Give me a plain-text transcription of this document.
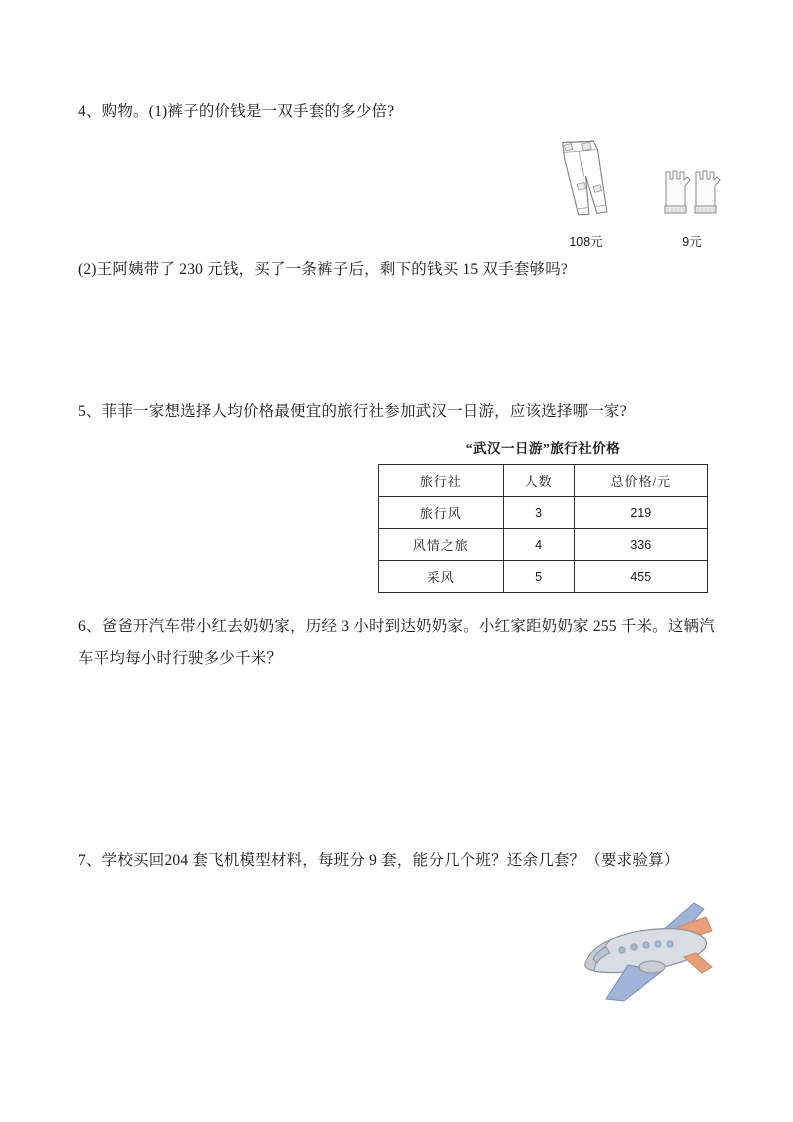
4、购物。(1)裤子的价钱是一双手套的多少倍?
108元	9元
(2)王阿姨带了 230 元钱，买了一条裤子后，剩下的钱买 15 双手套够吗?
5、菲菲一家想选择人均价格最便宜的旅行社参加武汉一日游，应该选择哪一家?
“武汉一日游”旅行社价格
旅行社	人数	总价格/元
旅行风	3	219
风情之旅	4	336
采风	5	455
6、爸爸开汽车带小红去奶奶家，历经 3 小时到达奶奶家。小红家距奶奶家 255 千米。这辆汽车平均每小时行驶多少千米？
7、学校买回204 套飞机模型材料，每班分 9 套，能分几个班？还余几套？（要求验算）
